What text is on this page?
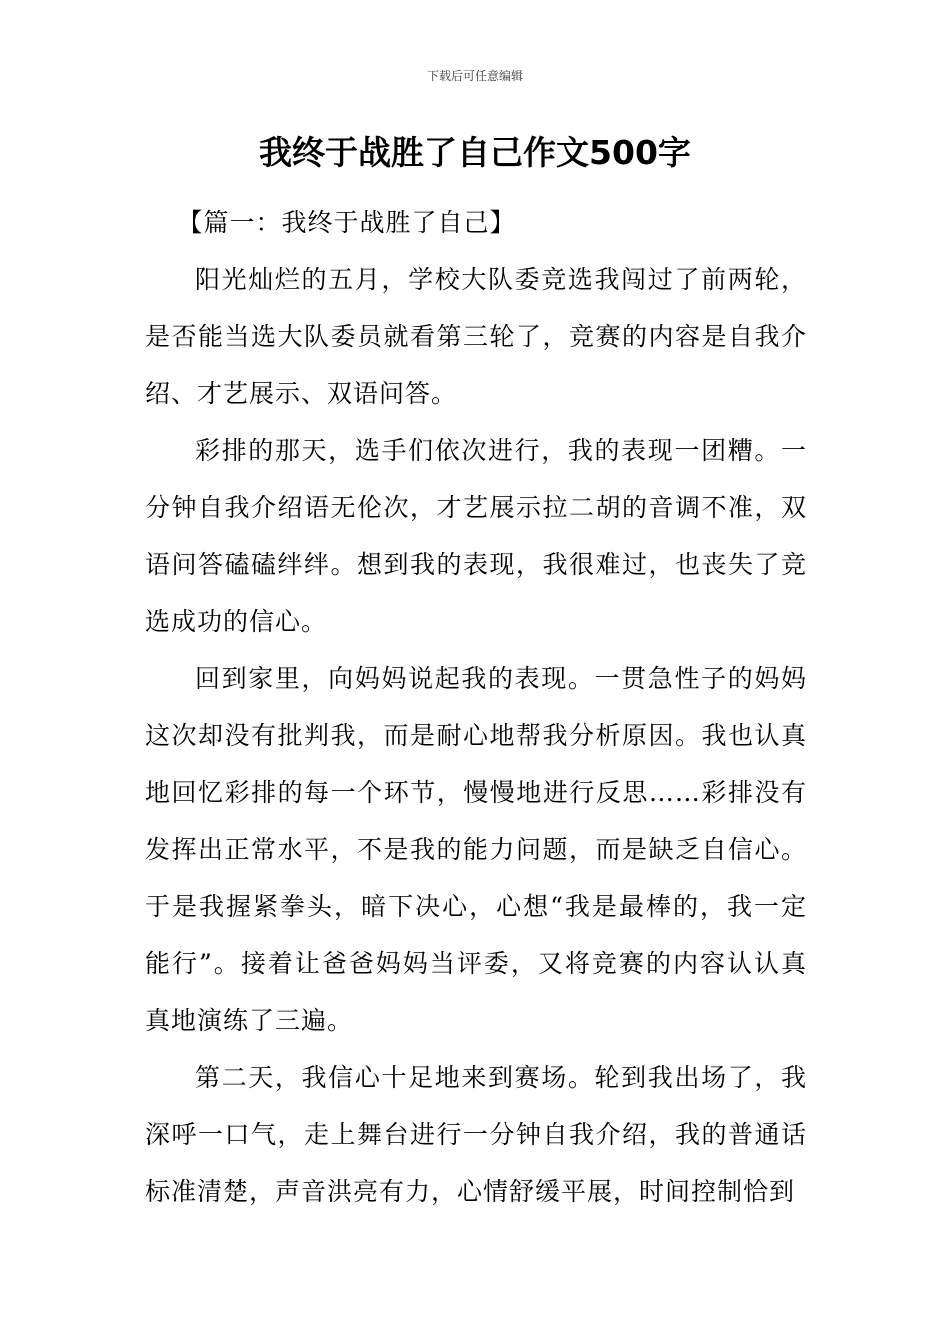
下载后可任意编辑
我终于战胜了自己作文500字

【篇一：我终于战胜了自己】

阳光灿烂的五月，学校大队委竞选我闯过了前两轮，是否能当选大队委员就看第三轮了，竞赛的内容是自我介绍、才艺展示、双语问答。

彩排的那天，选手们依次进行，我的表现一团糟。一分钟自我介绍语无伦次，才艺展示拉二胡的音调不准，双语问答磕磕绊绊。想到我的表现，我很难过，也丧失了竞选成功的信心。

回到家里，向妈妈说起我的表现。一贯急性子的妈妈这次却没有批判我，而是耐心地帮我分析原因。我也认真地回忆彩排的每一个环节，慢慢地进行反思……彩排没有发挥出正常水平，不是我的能力问题，而是缺乏自信心。于是我握紧拳头，暗下决心，心想“我是最棒的，我一定能行”。接着让爸爸妈妈当评委，又将竞赛的内容认认真真地演练了三遍。

第二天，我信心十足地来到赛场。轮到我出场了，我深呼一口气，走上舞台进行一分钟自我介绍，我的普通话标准清楚，声音洪亮有力，心情舒缓平展，时间控制恰到
